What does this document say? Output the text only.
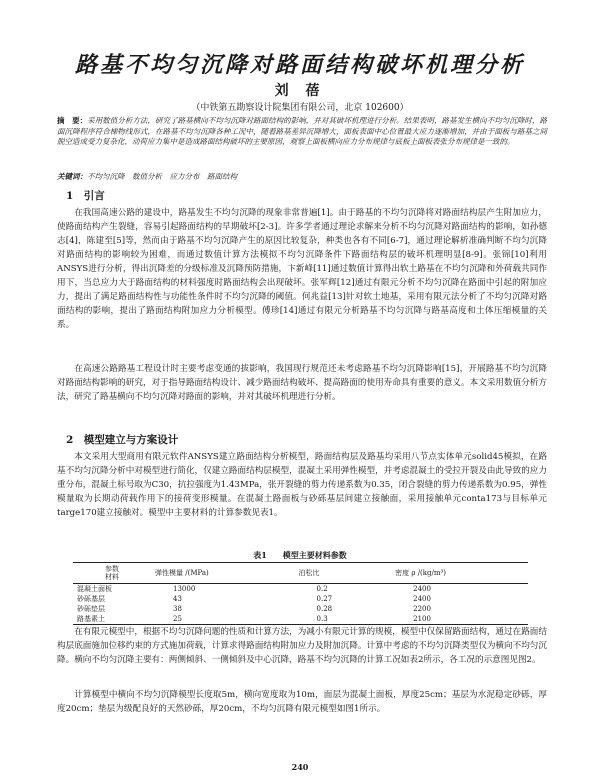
路基不均匀沉降对路面结构破坏机理分析
刘 蓓
（中铁第五勘察设计院集团有限公司，北京 102600）
摘　要：采用数值分析方法，研究了路基横向不均匀沉降对路面结构的影响，并对其破坏机理进行分析。结果表明，路基发生横向不均匀沉降时，路面沉降程序符合梯物线形式，在路基不均匀沉降各种工况中，随着路基差异沉降增大，面板表面中心位置最大应力逐渐增加，并由于面板与路基之间脱空造成受力复杂化，动荷应力集中是造成路面结构破坏的主要原因，观察上面板横向应力分布规律与底板上面板表张分布规律是一致的。
关键词：不均匀沉降　数值分析　应力分布　路面结构
1　引言

在我国高速公路的建设中，路基发生不均匀沉降的现象非常普遍[1]。由于路基的不均匀沉降将对路面结构层产生附加应力，使路面结构产生裂缝，容易引起路面结构的早期破坏[2-3]。许多学者通过理论求解来分析不均匀沉降对路面结构的影响，如孙德志[4]，陈建至[5]等，然而由于路基不均匀沉降产生的原因比较复杂，种类也各有不同[6-7]，通过理论解析准确判断不均匀沉降对路面结构的影响较为困难，而通过数值计算方法模拟不均匀沉降条件下路面结构层的破坏机理明显[8-9]。张锦[10]利用ANSYS进行分析，得出沉降差的分级标准及沉降预防措施，卞新峰[11]通过数值计算得出软土路基在不均匀沉降和外荷载共同作用下，当总应力大于路面结构的材料强度时路面结构会出现破坏。张军辉[12]通过有限元分析不均匀沉降在路面中引起的附加应力，提出了满足路面结构性与功能性条件时不均匀沉降的阈值。何兆益[13]针对软土地基，采用有限元法分析了不均匀沉降对路面结构的影响，提出了路面结构附加应力分析模型。傅珍[14]通过有限元分析路基不均匀沉降与路基高度和土体压缩模量的关系。

在高速公路路基工程设计时主要考虑变通的拔影响，我国现行规范还未考虑路基不均匀沉降影响[15]，开展路基不均匀沉降对路面结构影响的研究，对于指导路面结构设计、减少路面结构破坏、提高路面的使用寿命具有重要的意义。本文采用数值分析方法，研究了路基横向不均匀沉降对路面的影响，并对其破坏机理进行分析。

2　模型建立与方案设计

本文采用大型商用有限元软件ANSYS建立路面结构分析模型，路面结构层及路基均采用八节点实体单元solid45模拟，在路基不均匀沉降分析中对模型进行简化，仅建立路面结构层模型，混凝土采用弹性模型，并考虑混凝土的受拉开裂及由此导致的应力重分布，混凝土标号取为C30，抗拉强度为1.43MPa，张开裂缝的剪力传递系数为0.35，闭合裂缝的剪力传递系数为0.95，弹性模量取为长期动荷载作用下的接荷变形模量。在混凝土路面板与砂砾基层间建立接触面，采用接触单元conta173与目标单元targe170建立接触对。模型中主要材料的计算参数见表1。

表1　　模型主要材料参数
参数
材料	弹性模量 /(MPa)	泊松比	密度 ρ /(kg/m³)
混凝土面板	13000	0.2	2400
砂砾基层	43	0.27	2400
砂砾垫层	38	0.28	2200
路基素土	25	0.3	2100

在有限元模型中，根据不均匀沉降问题的性质和计算方法，为减小有限元计算的规模，模型中仅保留路面结构，通过在路面结构层底面施加位移约束的方式施加荷载，计算求得路面结构附加应力及附加沉降。计算中考虑的不均匀沉降类型仅为横向不均匀沉降。横向不均匀沉降主要有：两侧倾斜、一侧倾斜及中心沉降，路基不均匀沉降的计算工况如表2所示，各工况的示意图见图2。

计算模型中横向不均匀沉降模型长度取5m，横向宽度取为10m，面层为混凝土面板，厚度25cm；基层为水泥稳定砂砾，厚度20cm；垫层为级配良好的天然砂砾，厚20cm，不均匀沉降有限元模型如图1所示。

240
